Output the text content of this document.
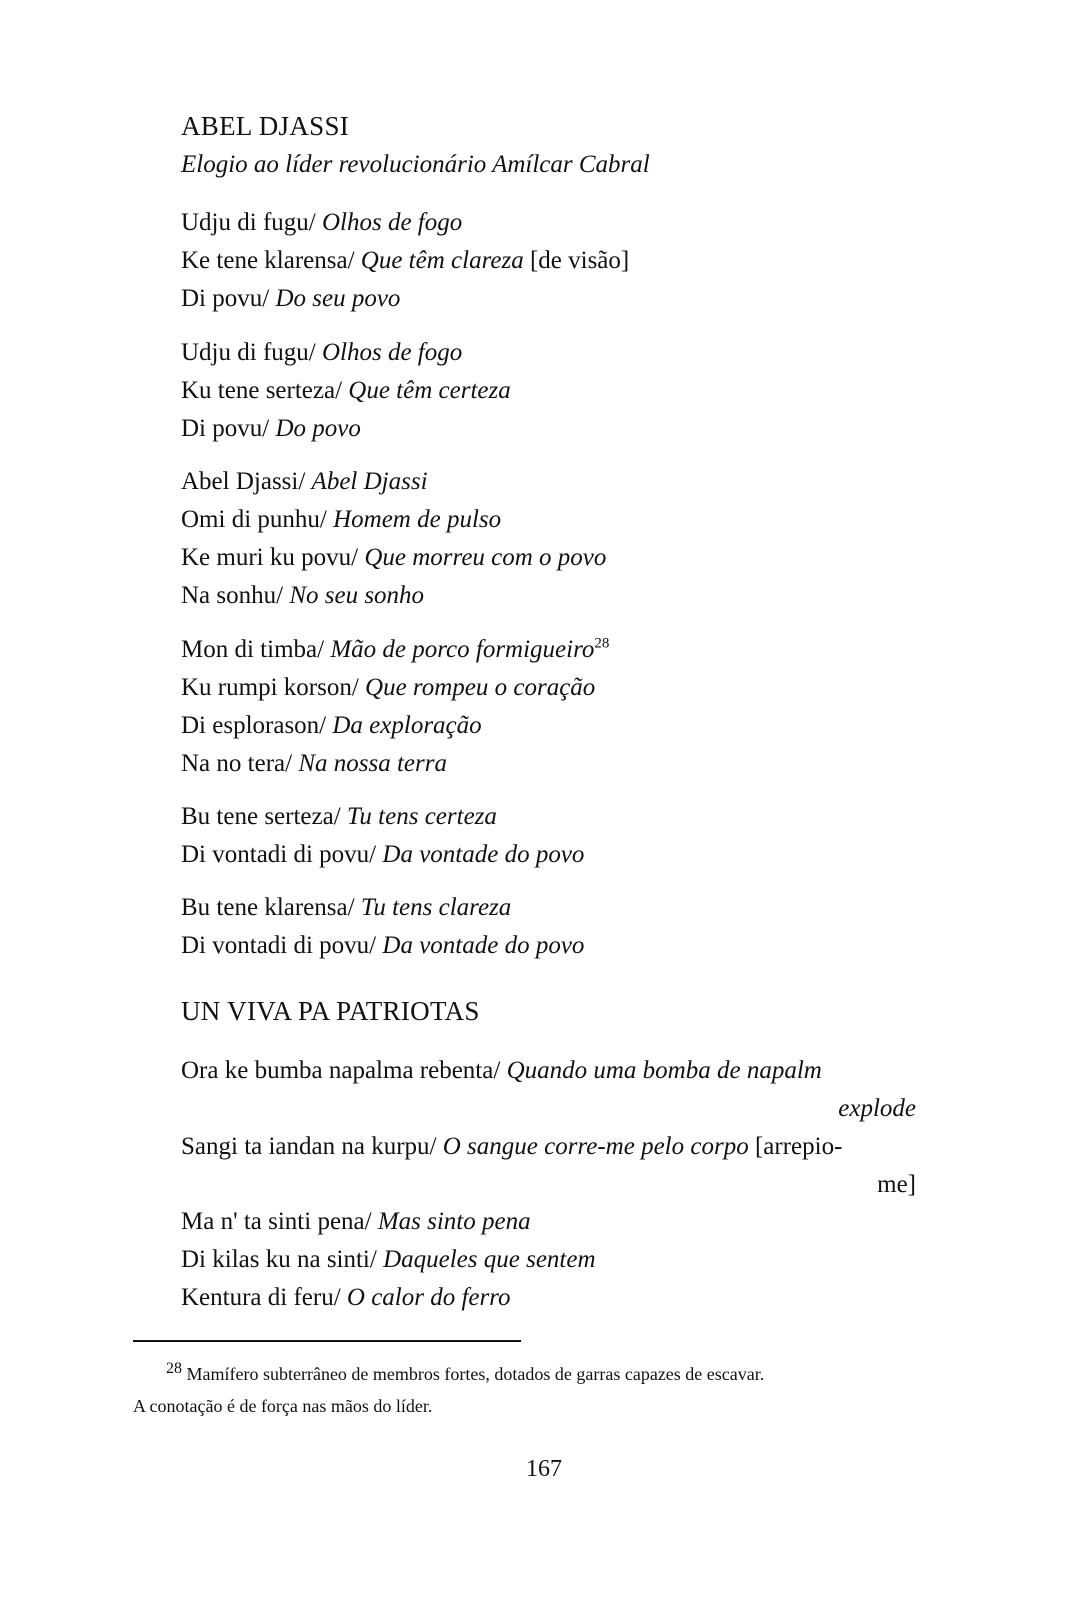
ABEL DJASSI
Elogio ao líder revolucionário Amílcar Cabral
Udju di fugu/ Olhos de fogo
Ke tene klarensa/ Que têm clareza [de visão]
Di povu/ Do seu povo
Udju di fugu/ Olhos de fogo
Ku tene serteza/ Que têm certeza
Di povu/ Do povo
Abel Djassi/ Abel Djassi
Omi di punhu/ Homem de pulso
Ke muri ku povu/ Que morreu com o povo
Na sonhu/ No seu sonho
Mon di timba/ Mão de porco formigueiro$^{28}$
Ku rumpi korson/ Que rompeu o coração
Di esplorason/ Da exploração
Na no tera/ Na nossa terra
Bu tene serteza/ Tu tens certeza
Di vontadi di povu/ Da vontade do povo
Bu tene klarensa/ Tu tens clareza
Di vontadi di povu/ Da vontade do povo
UN VIVA PA PATRIOTAS
Ora ke bumba napalma rebenta/ Quando uma bomba de napalm
explode
Sangi ta iandan na kurpu/ O sangue corre-me pelo corpo [arrepio-
me]
Ma n' ta sinti pena/ Mas sinto pena
Di kilas ku na sinti/ Daqueles que sentem
Kentura di feru/ O calor do ferro
$^{28}$ Mamífero subterrâneo de membros fortes, dotados de garras capazes de escavar.
A conotação é de força nas mãos do líder.
167
